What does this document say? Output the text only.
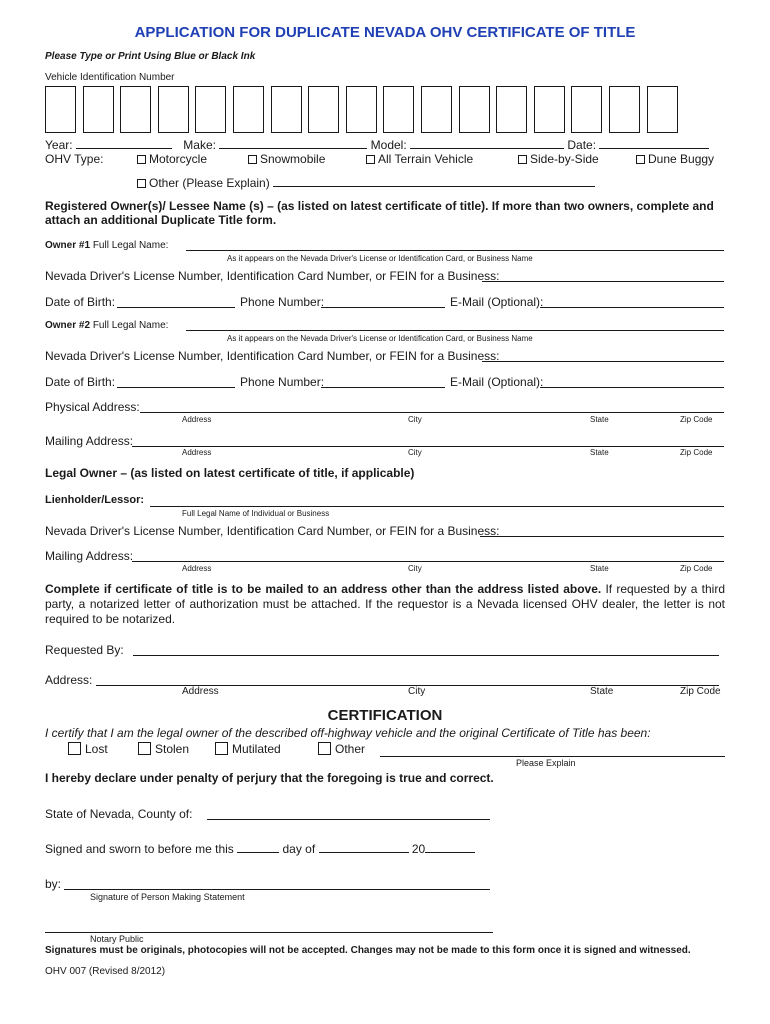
APPLICATION FOR DUPLICATE NEVADA OHV CERTIFICATE OF TITLE
Please Type or Print Using Blue or Black Ink
Vehicle Identification Number
Year:	Make:	Model:	Date:
OHV Type:	Motorcycle	Snowmobile	All Terrain Vehicle	Side-by-Side	Dune Buggy
Other (Please Explain)
Registered Owner(s)/ Lessee Name (s) – (as listed on latest certificate of title). If more than two owners, complete and attach an additional Duplicate Title form.
Owner #1 Full Legal Name:
As it appears on the Nevada Driver's License or Identification Card, or Business Name
Nevada Driver's License Number, Identification Card Number, or FEIN for a Business:
Date of Birth:	Phone Number:	E-Mail (Optional):
Owner #2 Full Legal Name:
As it appears on the Nevada Driver's License or Identification Card, or Business Name
Nevada Driver's License Number, Identification Card Number, or FEIN for a Business:
Date of Birth:	Phone Number:	E-Mail (Optional):
Physical Address:
Address	City	State	Zip Code
Mailing Address:
Address	City	State	Zip Code
Legal Owner – (as listed on latest certificate of title, if applicable)
Lienholder/Lessor:
Full Legal Name of Individual or Business
Nevada Driver's License Number, Identification Card Number, or FEIN for a Business:
Mailing Address:
Address	City	State	Zip Code
Complete if certificate of title is to be mailed to an address other than the address listed above. If requested by a third party, a notarized letter of authorization must be attached. If the requestor is a Nevada licensed OHV dealer, the letter is not required to be notarized.
Requested By:
Address:
Address	City	State	Zip Code
CERTIFICATION
I certify that I am the legal owner of the described off-highway vehicle and the original Certificate of Title has been:
Lost	Stolen	Mutilated	Other
Please Explain
I hereby declare under penalty of perjury that the foregoing is true and correct.
State of Nevada, County of:
Signed and sworn to before me this	day of	20
by:
Signature of Person Making Statement
Notary Public
Signatures must be originals, photocopies will not be accepted. Changes may not be made to this form once it is signed and witnessed.
OHV 007 (Revised 8/2012)
